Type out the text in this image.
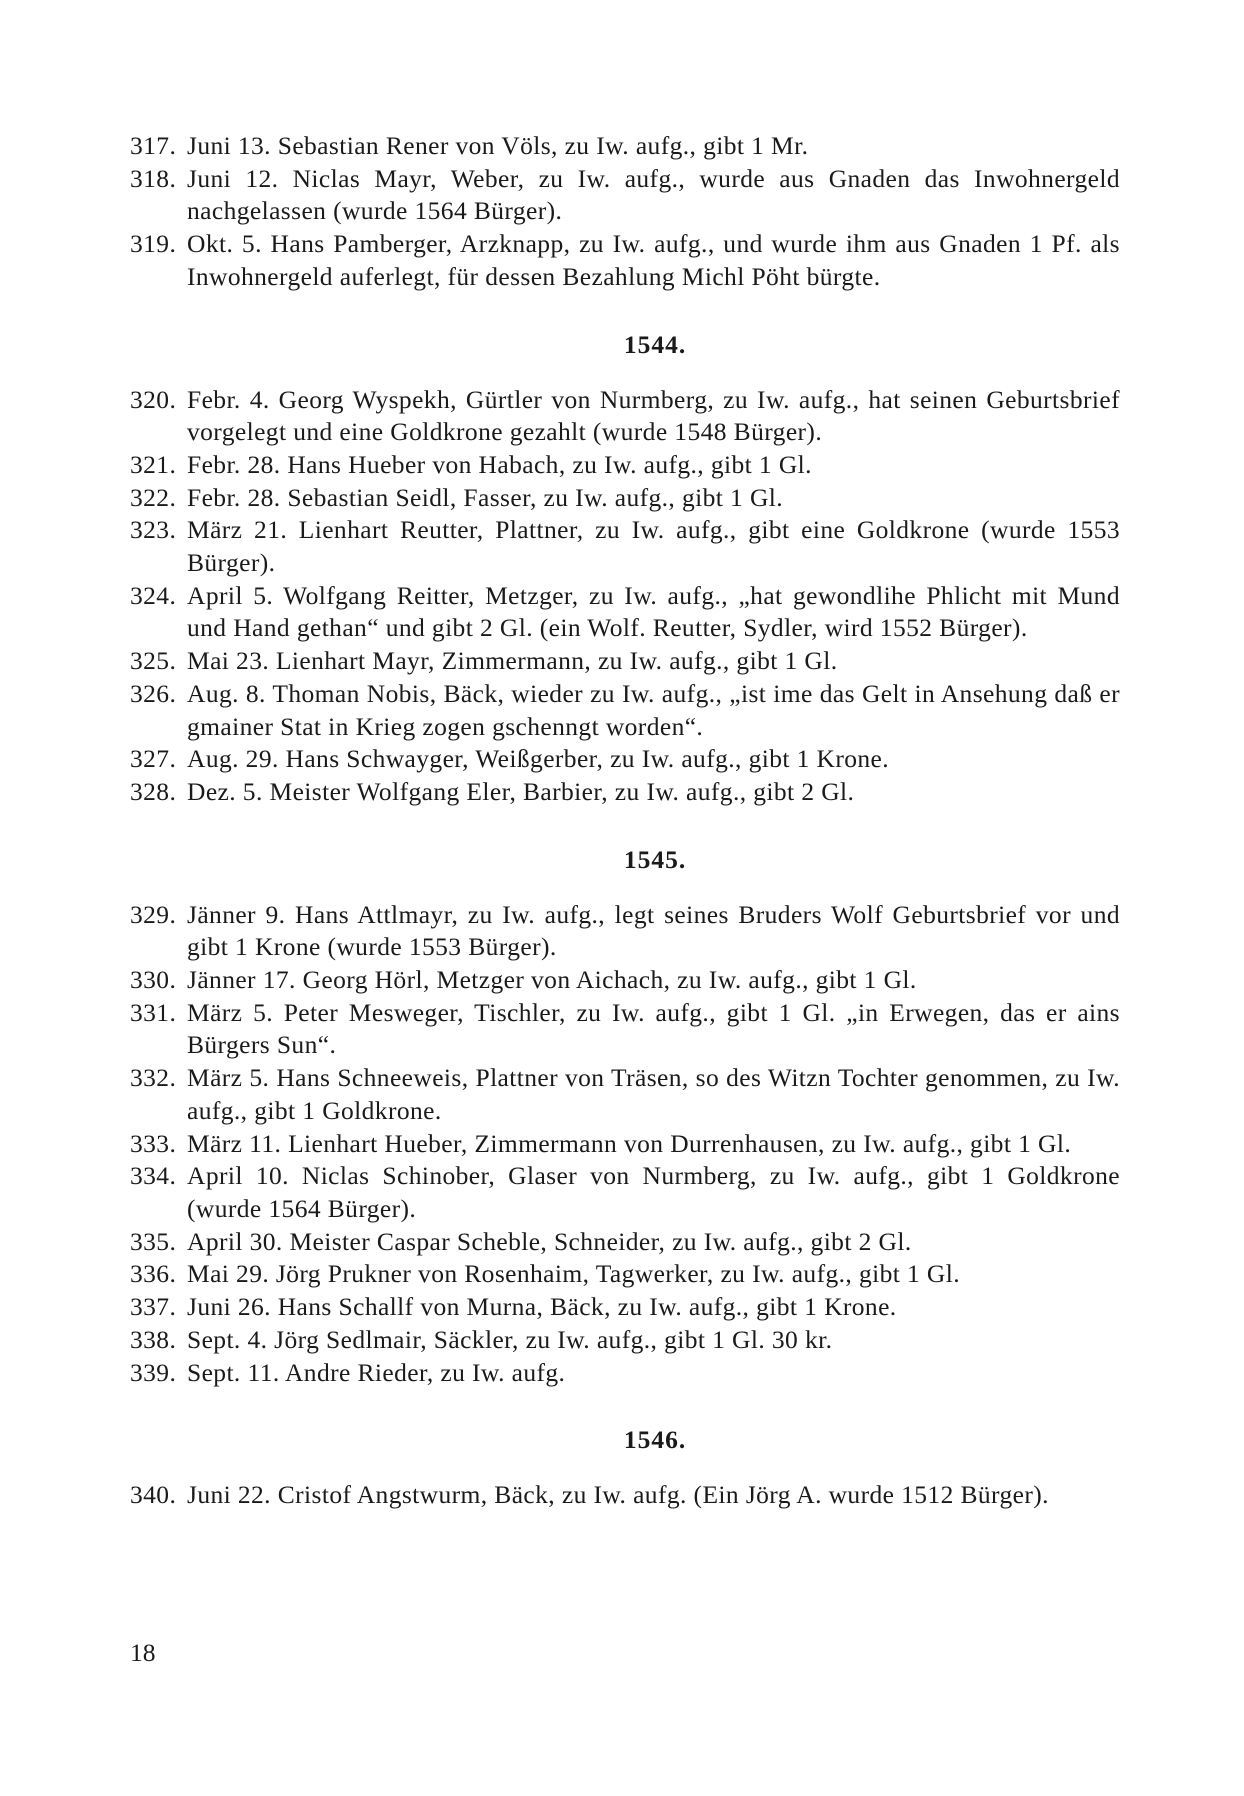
317. Juni 13. Sebastian Rener von Völs, zu Iw. aufg., gibt 1 Mr.
318. Juni 12. Niclas Mayr, Weber, zu Iw. aufg., wurde aus Gnaden das Inwohnergeld nachgelassen (wurde 1564 Bürger).
319. Okt. 5. Hans Pamberger, Arzknapp, zu Iw. aufg., und wurde ihm aus Gnaden 1 Pf. als Inwohnergeld auferlegt, für dessen Bezahlung Michl Pöht bürgte.
1544.
320. Febr. 4. Georg Wyspekh, Gürtler von Nurmberg, zu Iw. aufg., hat seinen Geburtsbrief vorgelegt und eine Goldkrone gezahlt (wurde 1548 Bürger).
321. Febr. 28. Hans Hueber von Habach, zu Iw. aufg., gibt 1 Gl.
322. Febr. 28. Sebastian Seidl, Fasser, zu Iw. aufg., gibt 1 Gl.
323. März 21. Lienhart Reutter, Plattner, zu Iw. aufg., gibt eine Goldkrone (wurde 1553 Bürger).
324. April 5. Wolfgang Reitter, Metzger, zu Iw. aufg., „hat gewondlihe Phlicht mit Mund und Hand gethan“ und gibt 2 Gl. (ein Wolf. Reutter, Sydler, wird 1552 Bürger).
325. Mai 23. Lienhart Mayr, Zimmermann, zu Iw. aufg., gibt 1 Gl.
326. Aug. 8. Thoman Nobis, Bäck, wieder zu Iw. aufg., „ist ime das Gelt in Ansehung daß er gmainer Stat in Krieg zogen gschenngt worden“.
327. Aug. 29. Hans Schwayger, Weißgerber, zu Iw. aufg., gibt 1 Krone.
328. Dez. 5. Meister Wolfgang Eler, Barbier, zu Iw. aufg., gibt 2 Gl.
1545.
329. Jänner 9. Hans Attlmayr, zu Iw. aufg., legt seines Bruders Wolf Geburtsbrief vor und gibt 1 Krone (wurde 1553 Bürger).
330. Jänner 17. Georg Hörl, Metzger von Aichach, zu Iw. aufg., gibt 1 Gl.
331. März 5. Peter Mesweger, Tischler, zu Iw. aufg., gibt 1 Gl. „in Erwegen, das er ains Bürgers Sun“.
332. März 5. Hans Schneeweis, Plattner von Träsen, so des Witzn Tochter genommen, zu Iw. aufg., gibt 1 Goldkrone.
333. März 11. Lienhart Hueber, Zimmermann von Durrenhausen, zu Iw. aufg., gibt 1 Gl.
334. April 10. Niclas Schinober, Glaser von Nurmberg, zu Iw. aufg., gibt 1 Goldkrone (wurde 1564 Bürger).
335. April 30. Meister Caspar Scheble, Schneider, zu Iw. aufg., gibt 2 Gl.
336. Mai 29. Jörg Prukner von Rosenhaim, Tagwerker, zu Iw. aufg., gibt 1 Gl.
337. Juni 26. Hans Schallf von Murna, Bäck, zu Iw. aufg., gibt 1 Krone.
338. Sept. 4. Jörg Sedlmair, Säckler, zu Iw. aufg., gibt 1 Gl. 30 kr.
339. Sept. 11. Andre Rieder, zu Iw. aufg.
1546.
340. Juni 22. Cristof Angstwurm, Bäck, zu Iw. aufg. (Ein Jörg A. wurde 1512 Bürger).
18
